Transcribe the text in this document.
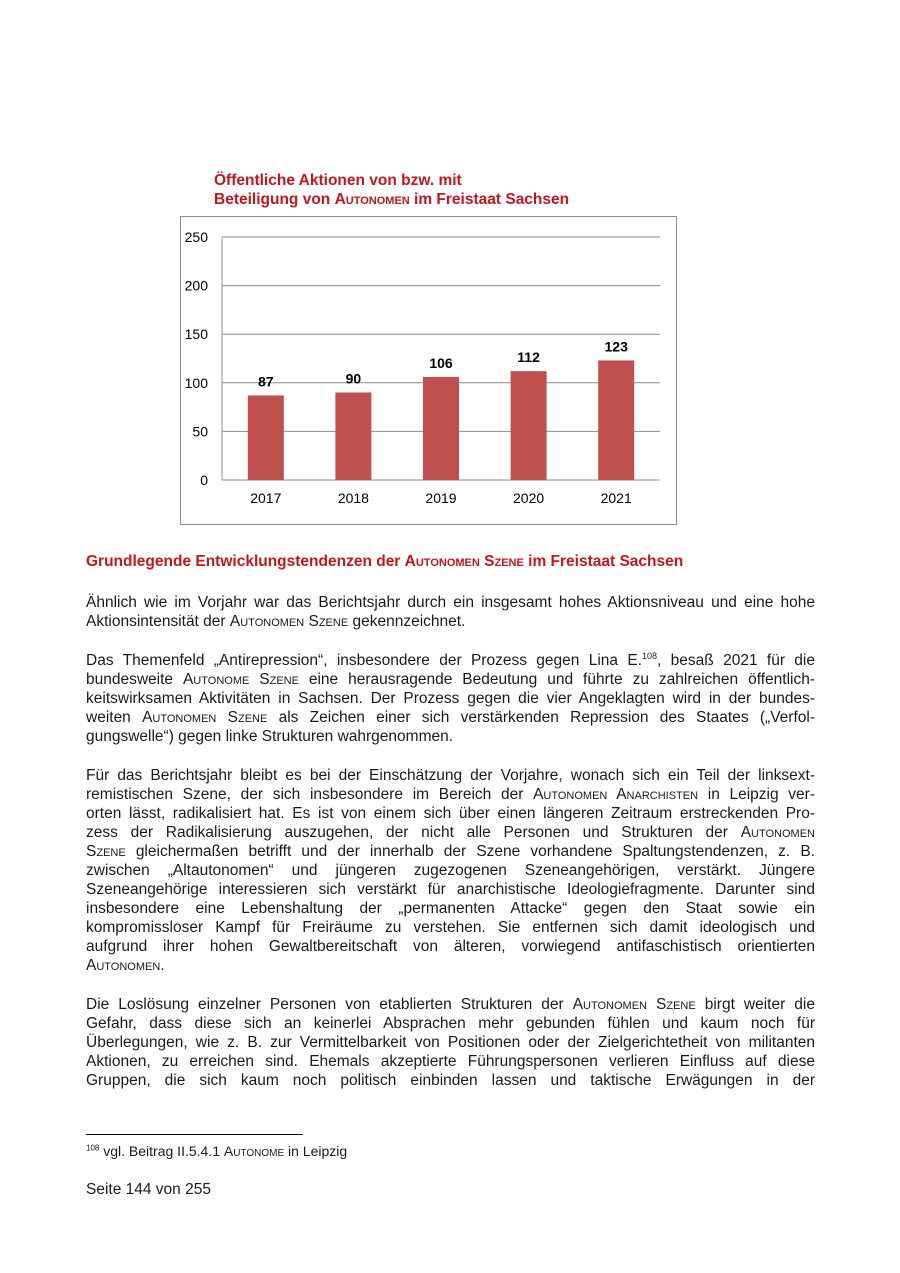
Öffentliche Aktionen von bzw. mit
Beteiligung von Autonomen im Freistaat Sachsen
0
50
100
150
200
250
87	90
106	112
123
2017	2018	2019	2020	2021
Grundlegende Entwicklungstendenzen der Autonomen Szene im Freistaat Sachsen
Ähnlich wie im Vorjahr war das Berichtsjahr durch ein insgesamt hohes Aktionsniveau und eine hohe
Aktionsintensität der Autonomen Szene gekennzeichnet.
Das Themenfeld „Antirepression“, insbesondere der Prozess gegen Lina E.$^{108}$, besaß 2021 für die
bundesweite Autonome Szene eine herausragende Bedeutung und führte zu zahlreichen öffentlich-
keitswirksamen Aktivitäten in Sachsen. Der Prozess gegen die vier Angeklagten wird in der bundes-
weiten Autonomen Szene als Zeichen einer sich verstärkenden Repression des Staates („Verfol-
gungswelle“) gegen linke Strukturen wahrgenommen.
Für das Berichtsjahr bleibt es bei der Einschätzung der Vorjahre, wonach sich ein Teil der linksext-
remistischen Szene, der sich insbesondere im Bereich der Autonomen Anarchisten in Leipzig ver-
orten lässt, radikalisiert hat. Es ist von einem sich über einen längeren Zeitraum erstreckenden Pro-
zess der Radikalisierung auszugehen, der nicht alle Personen und Strukturen der Autonomen
Szene gleichermaßen betrifft und der innerhalb der Szene vorhandene Spaltungstendenzen, z. B.
zwischen „Altautonomen“ und jüngeren zugezogenen Szeneangehörigen, verstärkt. Jüngere
Szeneangehörige interessieren sich verstärkt für anarchistische Ideologiefragmente. Darunter sind
insbesondere eine Lebenshaltung der „permanenten Attacke“ gegen den Staat sowie ein
kompromissloser Kampf für Freiräume zu verstehen. Sie entfernen sich damit ideologisch und
aufgrund ihrer hohen Gewaltbereitschaft von älteren, vorwiegend antifaschistisch orientierten
Autonomen.
Die Loslösung einzelner Personen von etablierten Strukturen der Autonomen Szene birgt weiter die
Gefahr, dass diese sich an keinerlei Absprachen mehr gebunden fühlen und kaum noch für
Überlegungen, wie z. B. zur Vermittelbarkeit von Positionen oder der Zielgerichtetheit von militanten
Aktionen, zu erreichen sind. Ehemals akzeptierte Führungspersonen verlieren Einfluss auf diese
Gruppen, die sich kaum noch politisch einbinden lassen und taktische Erwägungen in der
$^{108}$ vgl. Beitrag II.5.4.1 Autonome in Leipzig
Seite 144 von 255
